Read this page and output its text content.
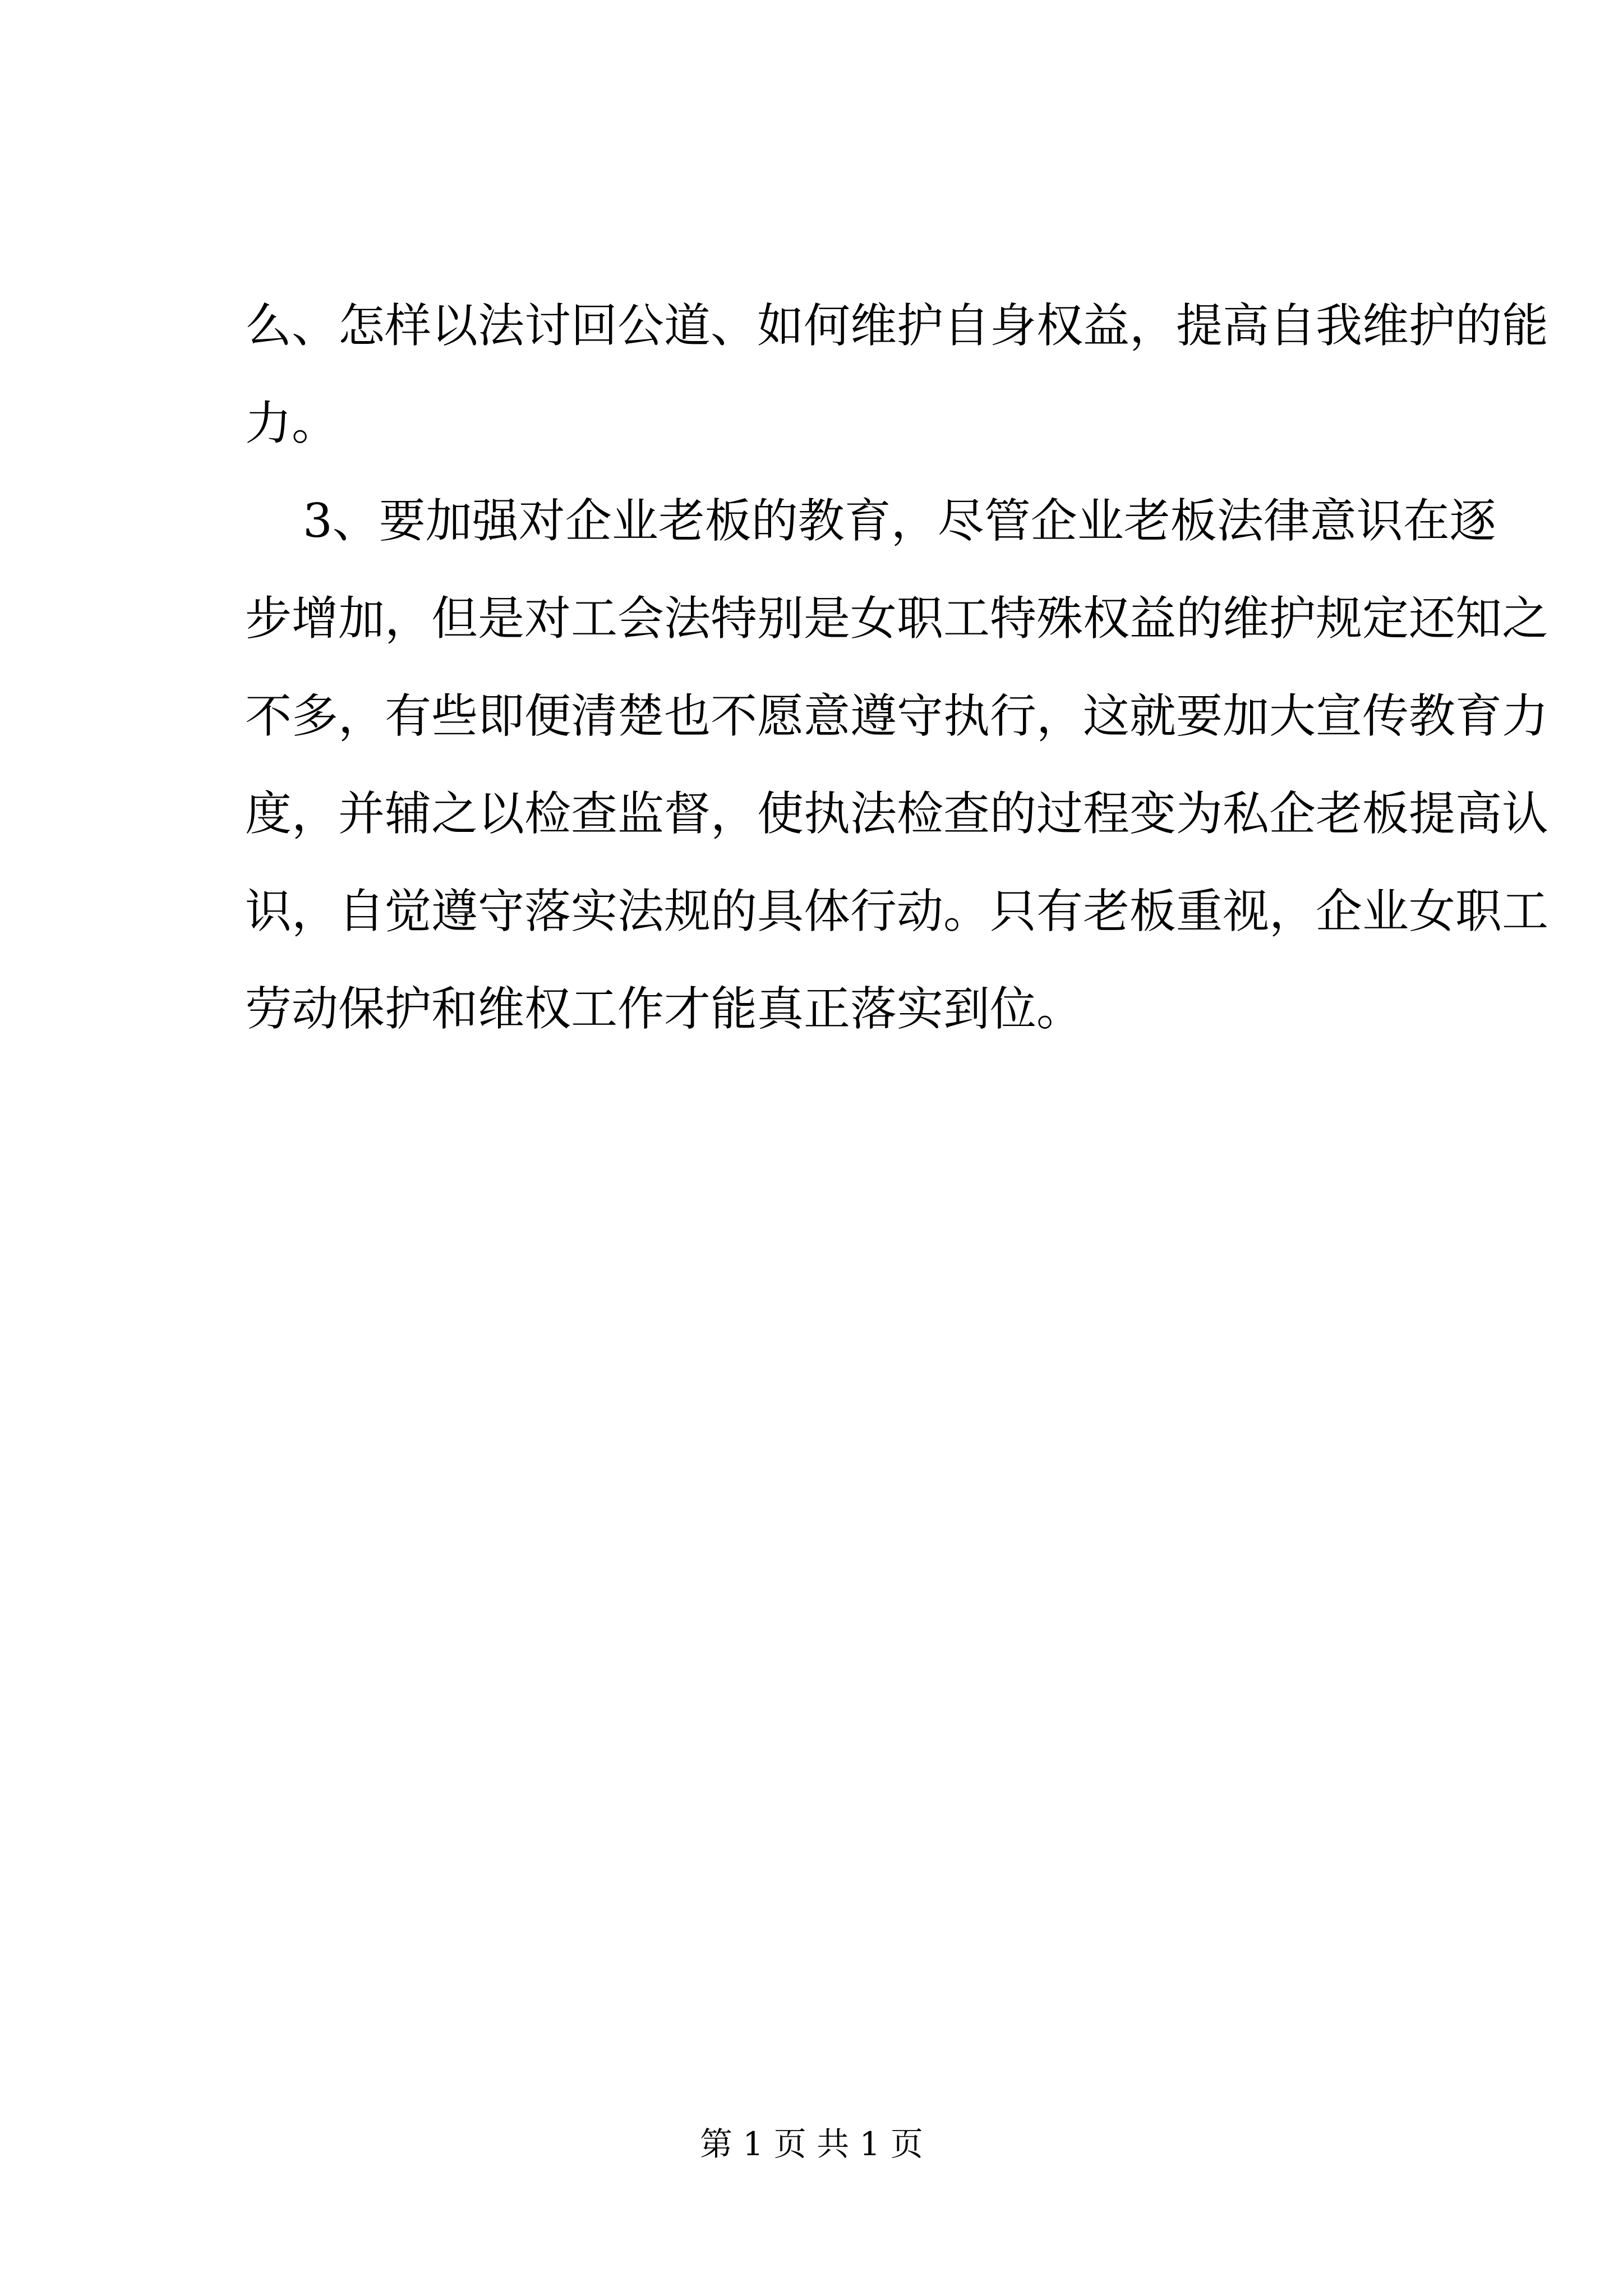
么、怎样以法讨回公道、如何维护自身权益，提高自我维护的能
力。
3、要加强对企业老板的教育，尽管企业老板法律意识在逐
步增加，但是对工会法特别是女职工特殊权益的维护规定还知之
不多，有些即便清楚也不愿意遵守执行，这就要加大宣传教育力
度，并辅之以检查监督，使执法检查的过程变为私企老板提高认
识，自觉遵守落实法规的具体行动。只有老板重视，企业女职工
劳动保护和维权工作才能真正落实到位。
第 1 页 共 1 页
